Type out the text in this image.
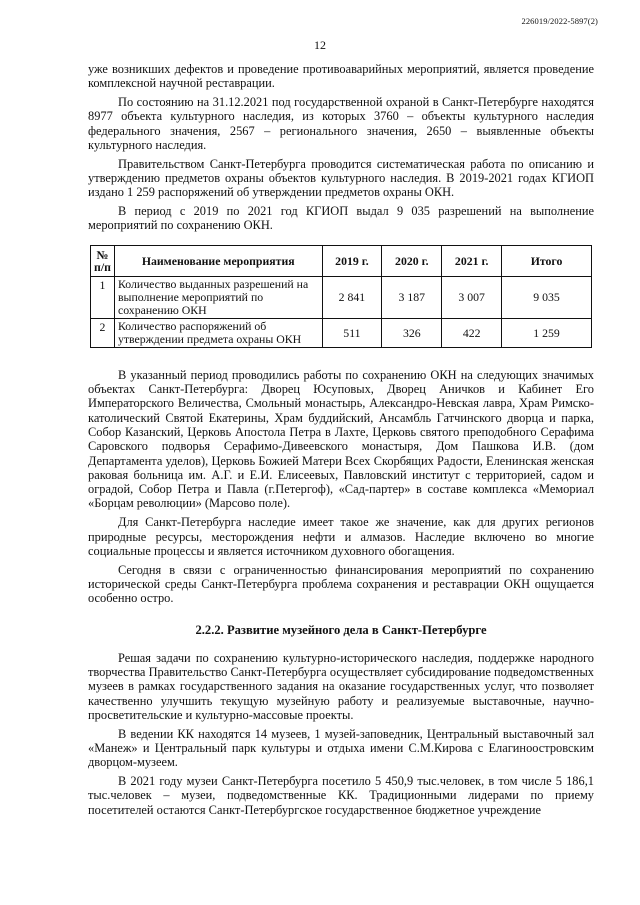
226019/2022-5897(2)
12

уже возникших дефектов и проведение противоаварийных мероприятий, является проведение комплексной научной реставрации.

По состоянию на 31.12.2021 под государственной охраной в Санкт-Петербурге находятся 8977 объекта культурного наследия, из которых 3760 – объекты культурного наследия федерального значения, 2567 – регионального значения, 2650 – выявленные объекты культурного наследия.

Правительством Санкт-Петербурга проводится систематическая работа по описанию и утверждению предметов охраны объектов культурного наследия. В 2019-2021 годах КГИОП издано 1 259 распоряжений об утверждении предметов охраны ОКН.

В период с 2019 по 2021 год КГИОП выдал 9 035 разрешений на выполнение мероприятий по сохранению ОКН.

№ п/п	Наименование мероприятия	2019 г.	2020 г.	2021 г.	Итого
1	Количество выданных разрешений на выполнение мероприятий по сохранению ОКН	2 841	3 187	3 007	9 035
2	Количество распоряжений об утверждении предмета охраны ОКН	511	326	422	1 259

В указанный период проводились работы по сохранению ОКН на следующих значимых объектах Санкт-Петербурга: Дворец Юсуповых, Дворец Аничков и Кабинет Его Императорского Величества, Смольный монастырь, Александро-Невская лавра, Храм Римско-католический Святой Екатерины, Храм буддийский, Ансамбль Гатчинского дворца и парка, Собор Казанский, Церковь Апостола Петра в Лахте, Церковь святого преподобного Серафима Саровского подворья Серафимо-Дивеевского монастыря, Дом Пашкова И.В. (дом Департамента уделов), Церковь Божией Матери Всех Скорбящих Радости, Еленинская женская раковая больница им. А.Г. и Е.И. Елисеевых, Павловский институт с территорией, садом и оградой, Собор Петра и Павла (г.Петергоф), «Сад-партер» в составе комплекса «Мемориал «Борцам революции» (Марсово поле).

Для Санкт-Петербурга наследие имеет такое же значение, как для других регионов природные ресурсы, месторождения нефти и алмазов. Наследие включено во многие социальные процессы и является источником духовного обогащения.

Сегодня в связи с ограниченностью финансирования мероприятий по сохранению исторической среды Санкт-Петербурга проблема сохранения и реставрации ОКН ощущается особенно остро.

2.2.2. Развитие музейного дела в Санкт-Петербурге

Решая задачи по сохранению культурно-исторического наследия, поддержке народного творчества Правительство Санкт-Петербурга осуществляет субсидирование подведомственных музеев в рамках государственного задания на оказание государственных услуг, что позволяет качественно улучшить текущую музейную работу и реализуемые выставочные, научно-просветительские и культурно-массовые проекты.

В ведении КК находятся 14 музеев, 1 музей-заповедник, Центральный выставочный зал «Манеж» и Центральный парк культуры и отдыха имени С.М.Кирова с Елагиноостровским дворцом-музеем.

В 2021 году музеи Санкт-Петербурга посетило 5 450,9 тыс.человек, в том числе 5 186,1 тыс.человек – музеи, подведомственные КК. Традиционными лидерами по приему посетителей остаются Санкт-Петербургское государственное бюджетное учреждение
